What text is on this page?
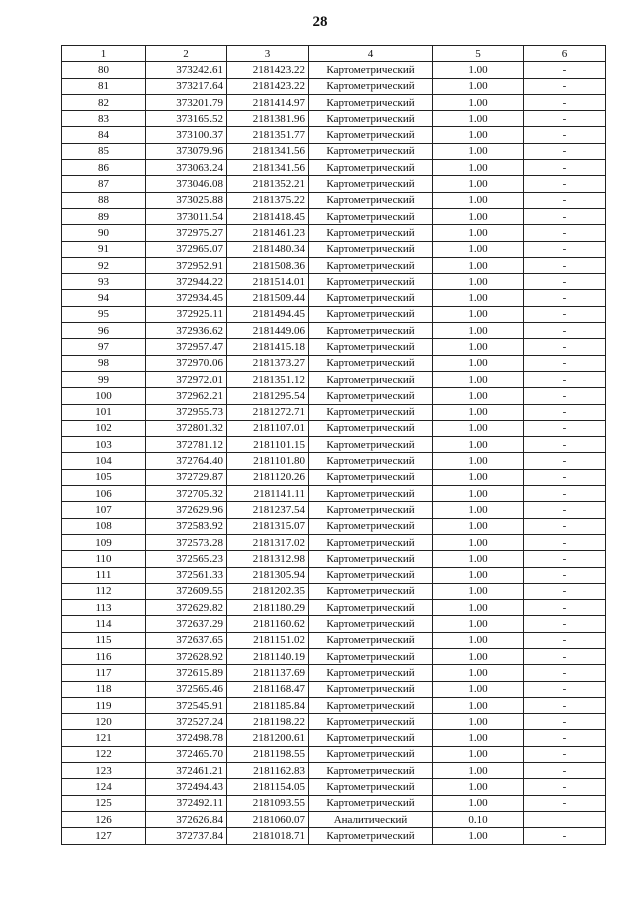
28
1	2	3	4	5	6
80	373242.61	2181423.22	Картометрический	1.00	-
81	373217.64	2181423.22	Картометрический	1.00	-
82	373201.79	2181414.97	Картометрический	1.00	-
83	373165.52	2181381.96	Картометрический	1.00	-
84	373100.37	2181351.77	Картометрический	1.00	-
85	373079.96	2181341.56	Картометрический	1.00	-
86	373063.24	2181341.56	Картометрический	1.00	-
87	373046.08	2181352.21	Картометрический	1.00	-
88	373025.88	2181375.22	Картометрический	1.00	-
89	373011.54	2181418.45	Картометрический	1.00	-
90	372975.27	2181461.23	Картометрический	1.00	-
91	372965.07	2181480.34	Картометрический	1.00	-
92	372952.91	2181508.36	Картометрический	1.00	-
93	372944.22	2181514.01	Картометрический	1.00	-
94	372934.45	2181509.44	Картометрический	1.00	-
95	372925.11	2181494.45	Картометрический	1.00	-
96	372936.62	2181449.06	Картометрический	1.00	-
97	372957.47	2181415.18	Картометрический	1.00	-
98	372970.06	2181373.27	Картометрический	1.00	-
99	372972.01	2181351.12	Картометрический	1.00	-
100	372962.21	2181295.54	Картометрический	1.00	-
101	372955.73	2181272.71	Картометрический	1.00	-
102	372801.32	2181107.01	Картометрический	1.00	-
103	372781.12	2181101.15	Картометрический	1.00	-
104	372764.40	2181101.80	Картометрический	1.00	-
105	372729.87	2181120.26	Картометрический	1.00	-
106	372705.32	2181141.11	Картометрический	1.00	-
107	372629.96	2181237.54	Картометрический	1.00	-
108	372583.92	2181315.07	Картометрический	1.00	-
109	372573.28	2181317.02	Картометрический	1.00	-
110	372565.23	2181312.98	Картометрический	1.00	-
111	372561.33	2181305.94	Картометрический	1.00	-
112	372609.55	2181202.35	Картометрический	1.00	-
113	372629.82	2181180.29	Картометрический	1.00	-
114	372637.29	2181160.62	Картометрический	1.00	-
115	372637.65	2181151.02	Картометрический	1.00	-
116	372628.92	2181140.19	Картометрический	1.00	-
117	372615.89	2181137.69	Картометрический	1.00	-
118	372565.46	2181168.47	Картометрический	1.00	-
119	372545.91	2181185.84	Картометрический	1.00	-
120	372527.24	2181198.22	Картометрический	1.00	-
121	372498.78	2181200.61	Картометрический	1.00	-
122	372465.70	2181198.55	Картометрический	1.00	-
123	372461.21	2181162.83	Картометрический	1.00	-
124	372494.43	2181154.05	Картометрический	1.00	-
125	372492.11	2181093.55	Картометрический	1.00	-
126	372626.84	2181060.07	Аналитический	0.10	
127	372737.84	2181018.71	Картометрический	1.00	-
